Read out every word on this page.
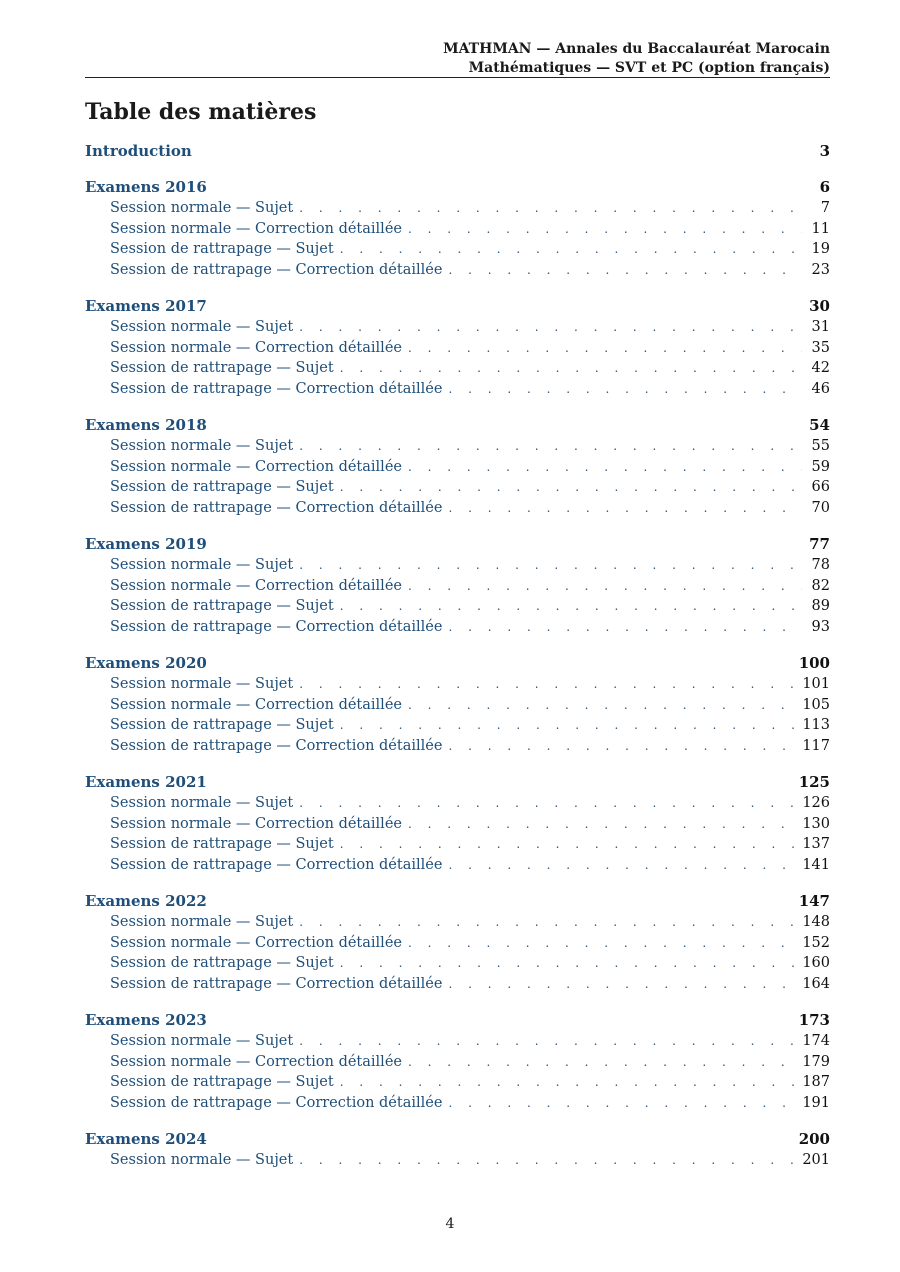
MATHMAN — Annales du Baccalauréat Marocain
Mathématiques — SVT et PC (option français)
Table des matières
Introduction	3
Examens 2016	6
Session normale — Sujet . . .	7
Session normale — Correction détaillée . . .	11
Session de rattrapage — Sujet . . .	19
Session de rattrapage — Correction détaillée . . .	23
Examens 2017	30
Session normale — Sujet . . .	31
Session normale — Correction détaillée . . .	35
Session de rattrapage — Sujet . . .	42
Session de rattrapage — Correction détaillée . . .	46
Examens 2018	54
Session normale — Sujet . . .	55
Session normale — Correction détaillée . . .	59
Session de rattrapage — Sujet . . .	66
Session de rattrapage — Correction détaillée . . .	70
Examens 2019	77
Session normale — Sujet . . .	78
Session normale — Correction détaillée . . .	82
Session de rattrapage — Sujet . . .	89
Session de rattrapage — Correction détaillée . . .	93
Examens 2020	100
Session normale — Sujet . . .	101
Session normale — Correction détaillée . . .	105
Session de rattrapage — Sujet . . .	113
Session de rattrapage — Correction détaillée . . .	117
Examens 2021	125
Session normale — Sujet . . .	126
Session normale — Correction détaillée . . .	130
Session de rattrapage — Sujet . . .	137
Session de rattrapage — Correction détaillée . . .	141
Examens 2022	147
Session normale — Sujet . . .	148
Session normale — Correction détaillée . . .	152
Session de rattrapage — Sujet . . .	160
Session de rattrapage — Correction détaillée . . .	164
Examens 2023	173
Session normale — Sujet . . .	174
Session normale — Correction détaillée . . .	179
Session de rattrapage — Sujet . . .	187
Session de rattrapage — Correction détaillée . . .	191
Examens 2024	200
Session normale — Sujet . . .	201
4
